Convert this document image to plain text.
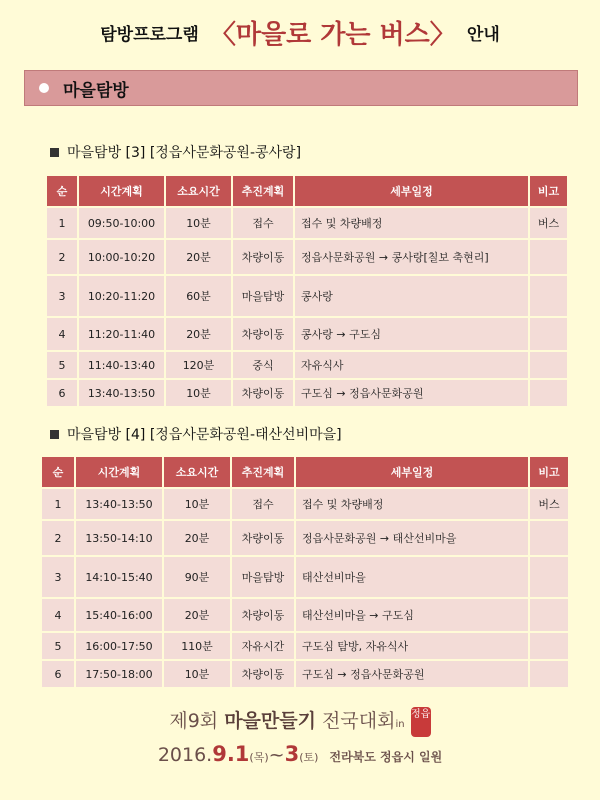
탐방프로그램 〈마을로 가는 버스〉 안내
마을탐방
마을탐방 [3] [정읍사문화공원-콩사랑]
순	시간계획	소요시간	추진계획	세부일정	비고
1	09:50-10:00	10분	접수	접수 및 차량배정	버스
2	10:00-10:20	20분	차량이동	정읍사문화공원 → 콩사랑[칠보 축현리]	
3	10:20-11:20	60분	마을탐방	콩사랑	
4	11:20-11:40	20분	차량이동	콩사랑 → 구도심	
5	11:40-13:40	120분	중식	자유식사	
6	13:40-13:50	10분	차량이동	구도심 → 정읍사문화공원	
마을탐방 [4] [정읍사문화공원-태산선비마을]
순	시간계획	소요시간	추진계획	세부일정	비고
1	13:40-13:50	10분	접수	접수 및 차량배정	버스
2	13:50-14:10	20분	차량이동	정읍사문화공원 → 태산선비마을	
3	14:10-15:40	90분	마을탐방	태산선비마을	
4	15:40-16:00	20분	차량이동	태산선비마을 → 구도심	
5	16:00-17:50	110분	자유시간	구도심 탐방, 자유식사	
6	17:50-18:00	10분	차량이동	구도심 → 정읍사문화공원	
제9회 마을만들기 전국대회in 정읍
2016.9.1(목)~3(토) 전라북도 정읍시 일원
